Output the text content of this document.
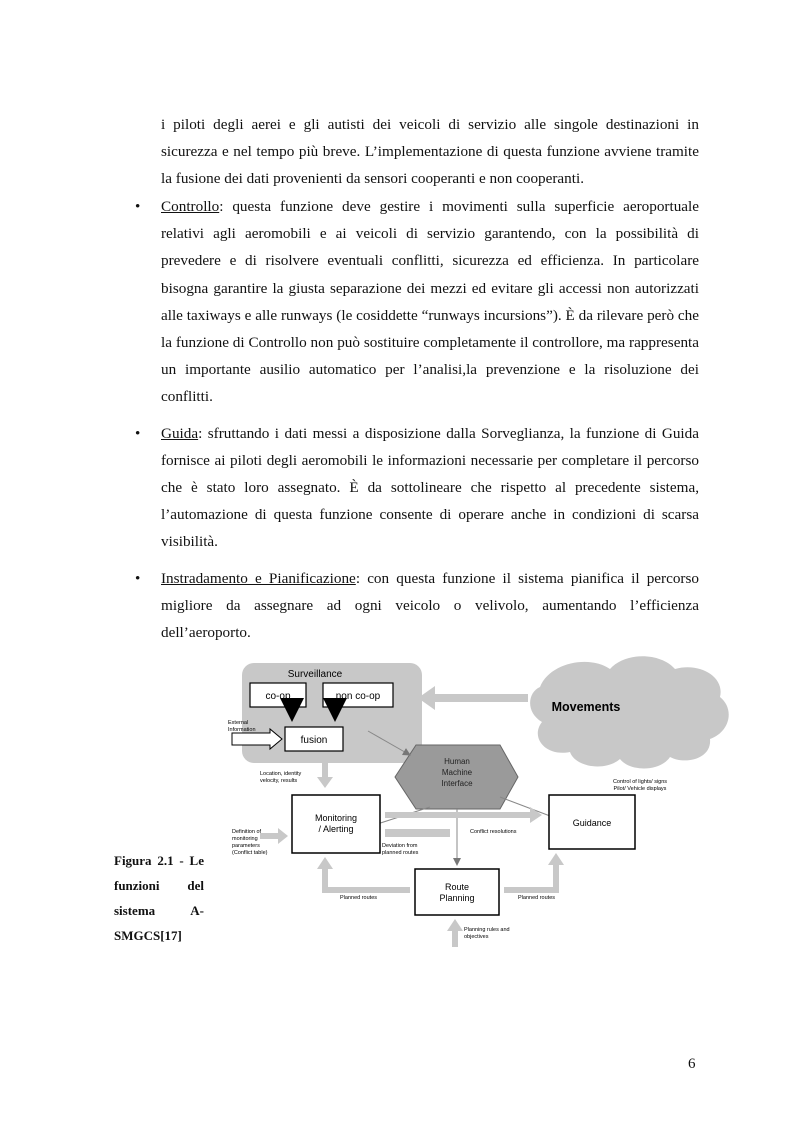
i piloti degli aerei e gli autisti dei veicoli di servizio alle singole destinazioni in sicurezza e nel tempo più breve. L’implementazione di questa funzione avviene tramite la fusione dei dati provenienti da sensori cooperanti e non cooperanti.

• Controllo: questa funzione deve gestire i movimenti sulla superficie aeroportuale relativi agli aeromobili e ai veicoli di servizio garantendo, con la possibilità di prevedere e di risolvere eventuali conflitti, sicurezza ed efficienza. In particolare bisogna garantire la giusta separazione dei mezzi ed evitare gli accessi non autorizzati alle taxiways e alle runways (le cosiddette “runways incursions”). È da rilevare però che la funzione di Controllo non può sostituire completamente il controllore, ma rappresenta un importante ausilio automatico per l’analisi,la prevenzione e la risoluzione dei conflitti.
• Guida: sfruttando i dati messi a disposizione dalla Sorveglianza, la funzione di Guida fornisce ai piloti degli aeromobili le informazioni necessarie per completare il percorso che è stato loro assegnato. È da sottolineare che rispetto al precedente sistema, l’automazione di questa funzione consente di operare anche in condizioni di scarsa visibilità.
• Instradamento e Pianificazione: con questa funzione il sistema pianifica il percorso migliore da assegnare ad ogni veicolo o velivolo, aumentando l’efficienza dell’aeroporto.
Figura 2.1 - Le funzioni del sistema A-SMGCS[17]
Surveillance
co-op	non co-op
fusion
External
Information
Movements
Human
Machine
Interface
Location, identity
velocity, results	Control of lights/ signs
Pilot/ Vehicle displays
Monitoring
/ Alerting
Guidance
Conflict resolutions
Definition of
monitoring
parameters
(Conflict table)
Deviation from
planned routes
Route
Planning
Planned routes	Planned routes
Planning rules and
objectives
6
